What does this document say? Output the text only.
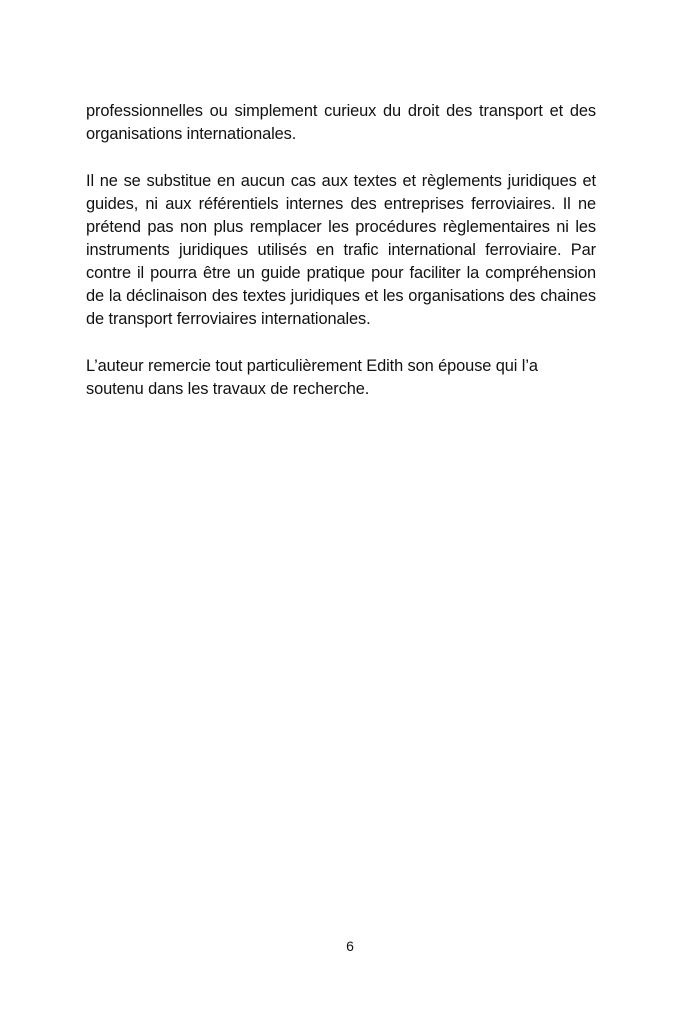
professionnelles ou simplement curieux du droit des transport et des organisations internationales.

Il ne se substitue en aucun cas aux textes et règlements juridiques et guides, ni aux référentiels internes des entreprises ferroviaires. Il ne prétend pas non plus remplacer les procédures règlementaires ni les instruments juridiques utilisés en trafic international ferroviaire. Par contre il pourra être un guide pratique pour faciliter la compréhension de la déclinaison des textes juridiques et les organisations des chaines de transport ferroviaires internationales.

L’auteur remercie tout particulièrement Edith son épouse qui l’a soutenu dans les travaux de recherche.

6
